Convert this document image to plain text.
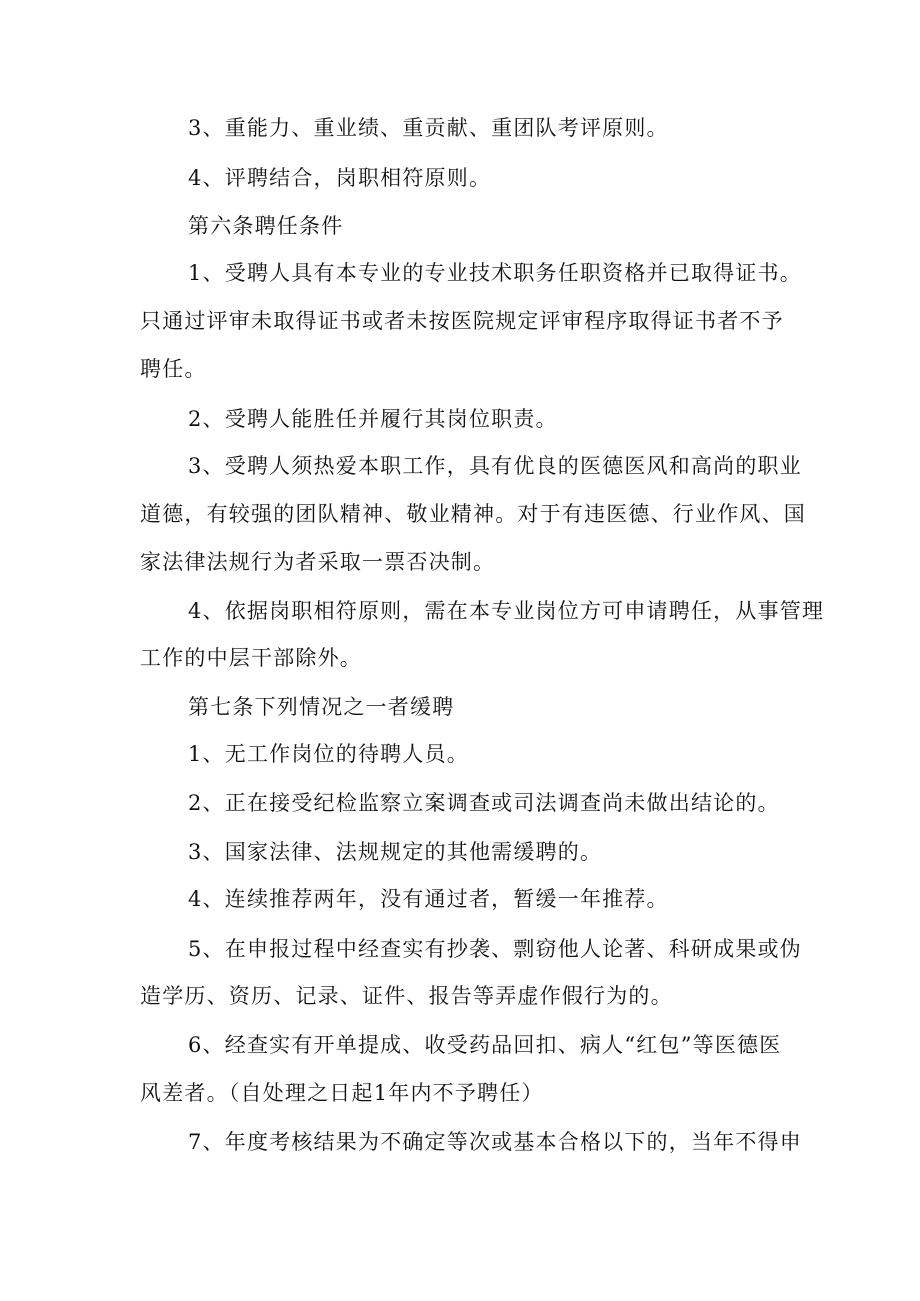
3、重能力、重业绩、重贡献、重团队考评原则。
4、评聘结合，岗职相符原则。
第六条聘任条件
1、受聘人具有本专业的专业技术职务任职资格并已取得证书。
只通过评审未取得证书或者未按医院规定评审程序取得证书者不予
聘任。
2、受聘人能胜任并履行其岗位职责。
3、受聘人须热爱本职工作，具有优良的医德医风和高尚的职业
道德，有较强的团队精神、敬业精神。对于有违医德、行业作风、国
家法律法规行为者采取一票否决制。
4、依据岗职相符原则，需在本专业岗位方可申请聘任，从事管理
工作的中层干部除外。
第七条下列情况之一者缓聘
1、无工作岗位的待聘人员。
2、正在接受纪检监察立案调查或司法调查尚未做出结论的。
3、国家法律、法规规定的其他需缓聘的。
4、连续推荐两年，没有通过者，暂缓一年推荐。
5、在申报过程中经查实有抄袭、剽窃他人论著、科研成果或伪
造学历、资历、记录、证件、报告等弄虚作假行为的。
6、经查实有开单提成、收受药品回扣、病人“红包”等医德医
风差者。（自处理之日起1年内不予聘任）
7、年度考核结果为不确定等次或基本合格以下的，当年不得申
